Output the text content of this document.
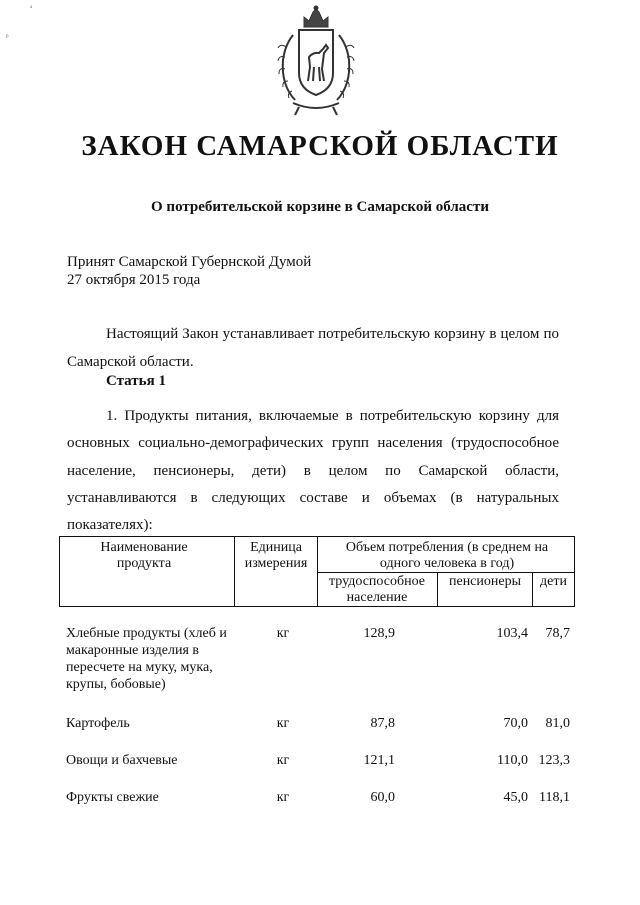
ᵃ
ᵖ
ЗАКОН САМАРСКОЙ ОБЛАСТИ
О потребительской корзине в Самарской области
Принят Самарской Губернской Думой
27 октября 2015 года

Настоящий Закон устанавливает потребительскую корзину в целом по Самарской области.

Статья 1

1. Продукты питания, включаемые в потребительскую корзину для
основных социально-демографических групп населения (трудоспособное
население, пенсионеры, дети) в целом по Самарской области,
устанавливаются в следующих составе и объемах (в натуральных
показателях):

Наименование продукта
Единица измерения
Объем потребления (в среднем на одного человека в год)
трудоспособное население
пенсионеры	дети
Хлебные продукты (хлеб и макаронные изделия в пересчете на муку, мука, крупы, бобовые)
кг	128,9	103,4	78,7
Картофель	кг	87,8	70,0	81,0
Овощи и бахчевые	кг	121,1	110,0 123,3
Фрукты свежие	кг	60,0	45,0 118,1
